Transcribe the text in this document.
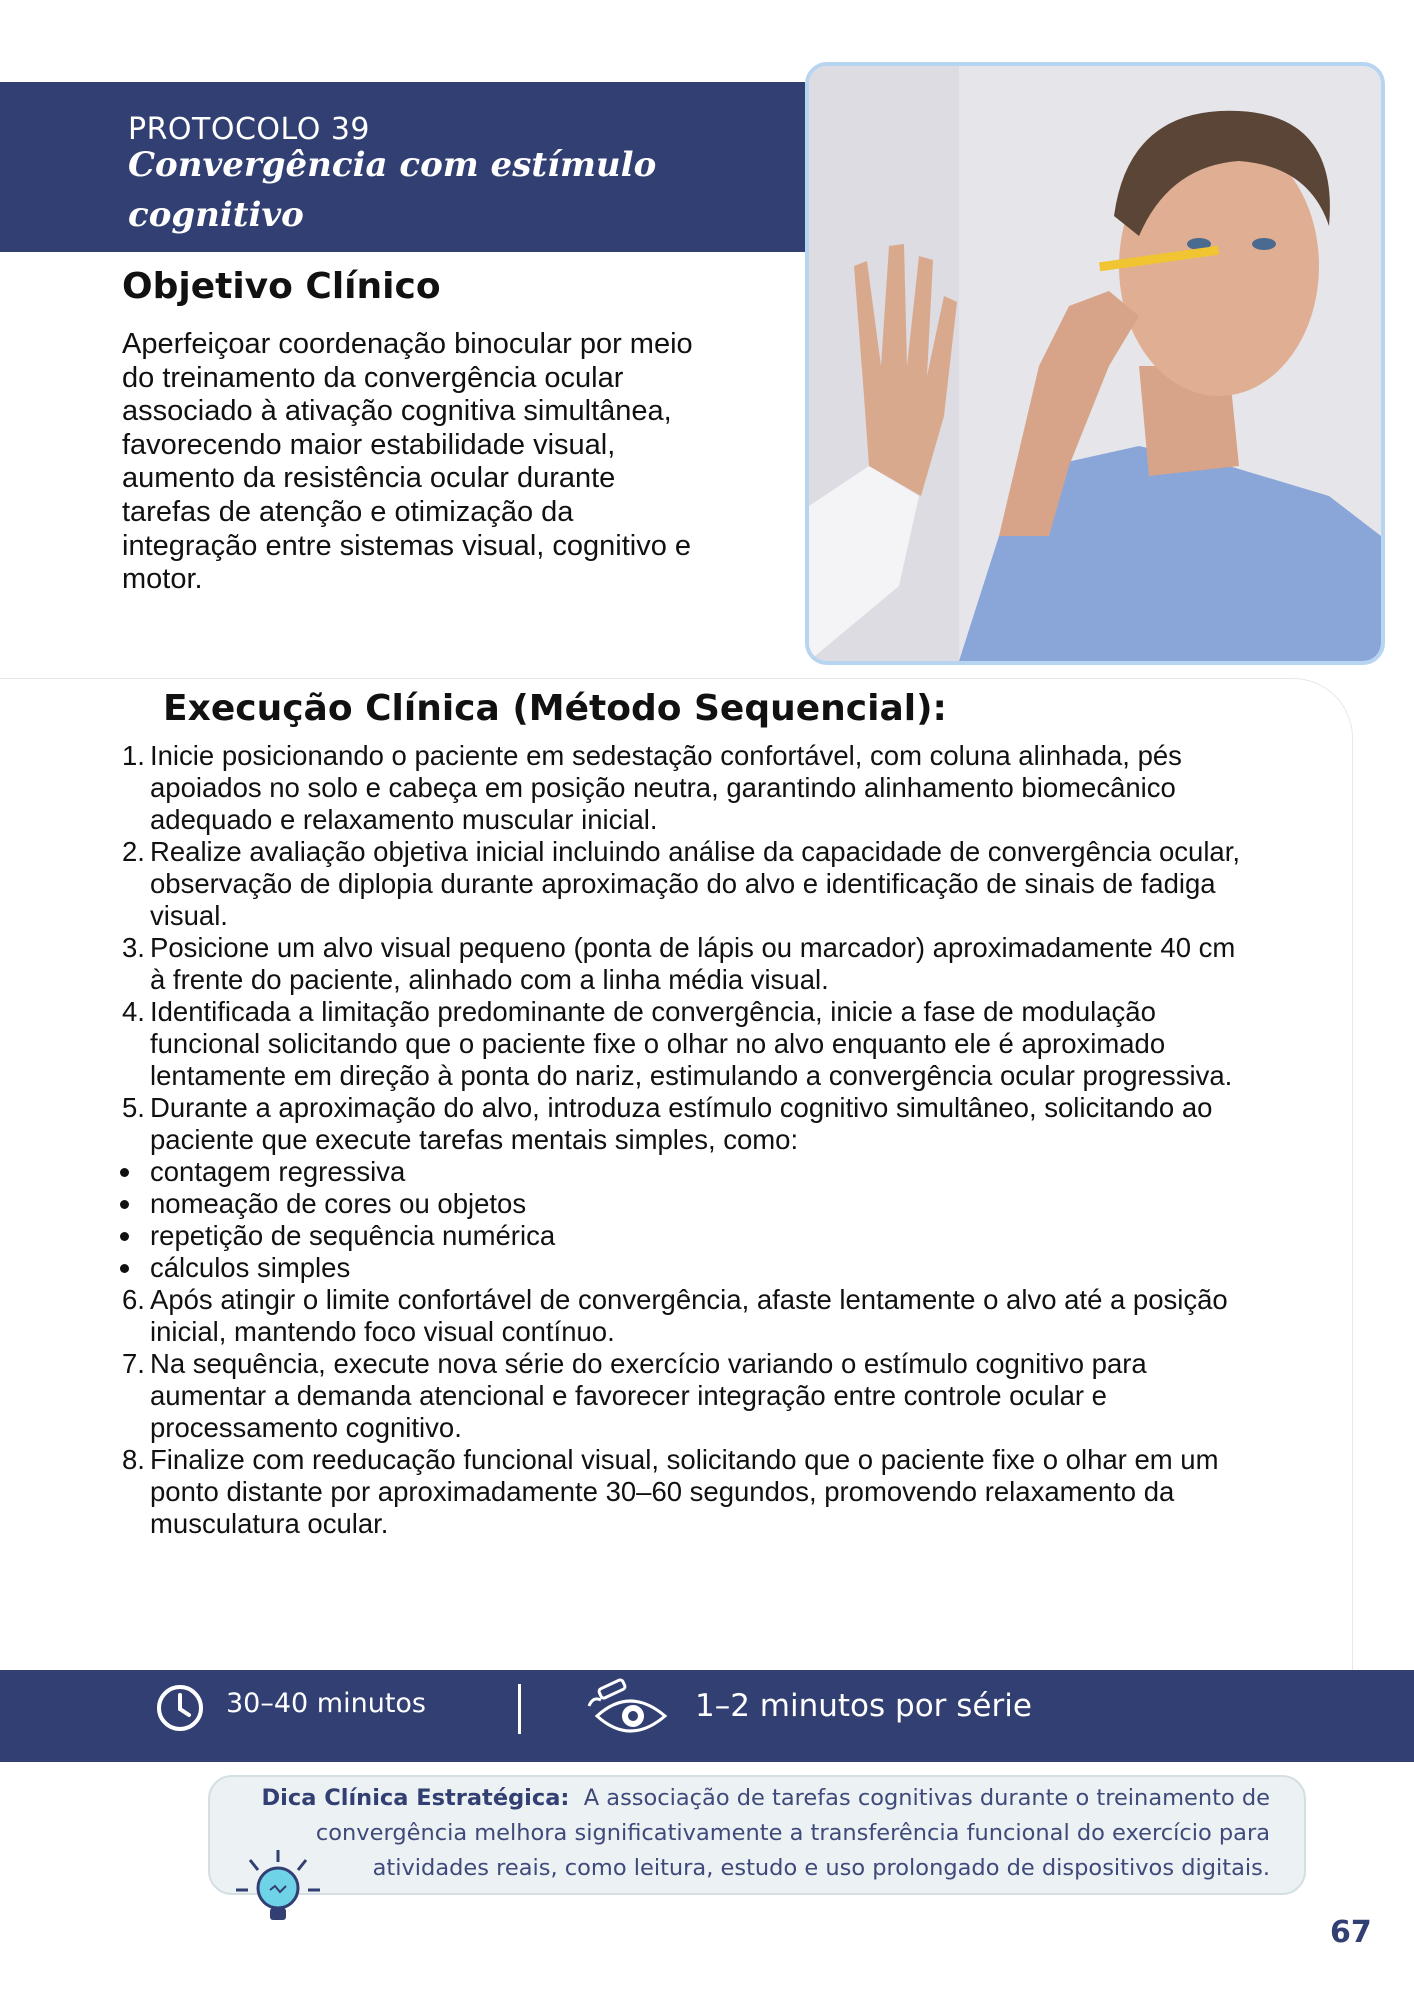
PROTOCOLO 39
Convergência com estímulo
cognitivo
Objetivo Clínico
Aperfeiçoar coordenação binocular por meio
do treinamento da convergência ocular
associado à ativação cognitiva simultânea,
favorecendo maior estabilidade visual,
aumento da resistência ocular durante
tarefas de atenção e otimização da
integração entre sistemas visual, cognitivo e
motor.
Execução Clínica (Método Sequencial):
1. Inicie posicionando o paciente em sedestação confortável, com coluna alinhada, pés
apoiados no solo e cabeça em posição neutra, garantindo alinhamento biomecânico
adequado e relaxamento muscular inicial.
2. Realize avaliação objetiva inicial incluindo análise da capacidade de convergência ocular,
observação de diplopia durante aproximação do alvo e identificação de sinais de fadiga
visual.
3. Posicione um alvo visual pequeno (ponta de lápis ou marcador) aproximadamente 40 cm
à frente do paciente, alinhado com a linha média visual.
4. Identificada a limitação predominante de convergência, inicie a fase de modulação
funcional solicitando que o paciente fixe o olhar no alvo enquanto ele é aproximado
lentamente em direção à ponta do nariz, estimulando a convergência ocular progressiva.
5. Durante a aproximação do alvo, introduza estímulo cognitivo simultâneo, solicitando ao
paciente que execute tarefas mentais simples, como:
contagem regressiva
nomeação de cores ou objetos
repetição de sequência numérica
cálculos simples
6. Após atingir o limite confortável de convergência, afaste lentamente o alvo até a posição
inicial, mantendo foco visual contínuo.
7. Na sequência, execute nova série do exercício variando o estímulo cognitivo para
aumentar a demanda atencional e favorecer integração entre controle ocular e
processamento cognitivo.
8. Finalize com reeducação funcional visual, solicitando que o paciente fixe o olhar em um
ponto distante por aproximadamente 30–60 segundos, promovendo relaxamento da
musculatura ocular.
30–40 minutos	1–2 minutos por série
Dica Clínica Estratégica: A associação de tarefas cognitivas durante o treinamento de
convergência melhora significativamente a transferência funcional do exercício para
atividades reais, como leitura, estudo e uso prolongado de dispositivos digitais.
67
